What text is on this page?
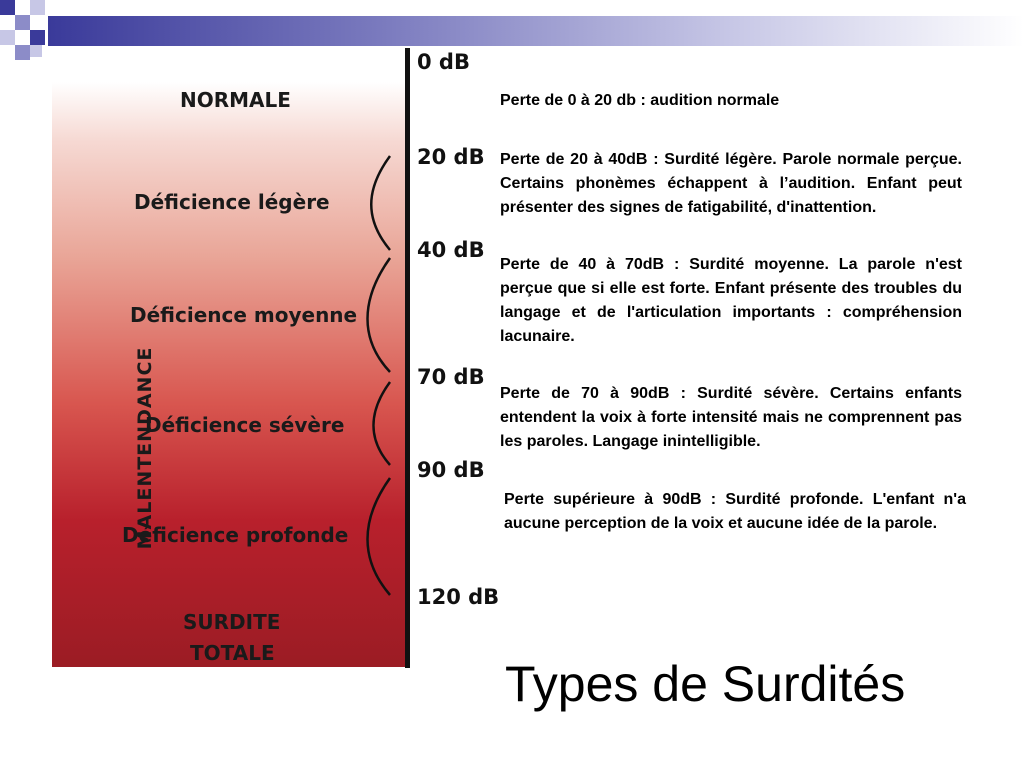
NORMALE
Déficience légère
Déficience moyenne
Déficience sévère
Déficience profonde
SURDITE
TOTALE
MALENTENDANCE
0 dB
20 dB
40 dB
70 dB
90 dB
120 dB
Perte de 0 à 20 db : audition normale
Perte de 20 à 40dB : Surdité légère. Parole normale perçue. Certains phonèmes échappent à l’audition. Enfant peut présenter des signes de fatigabilité, d'inattention.
Perte de 40 à 70dB : Surdité moyenne. La parole n'est perçue que si elle est forte. Enfant présente des troubles du langage et de l'articulation importants : compréhension lacunaire.
Perte de 70 à 90dB : Surdité sévère. Certains enfants entendent la voix à forte intensité mais ne comprennent pas les paroles. Langage inintelligible.
Perte supérieure à 90dB : Surdité profonde. L'enfant n'a aucune perception de la voix et aucune idée de la parole.
Types de Surdités
